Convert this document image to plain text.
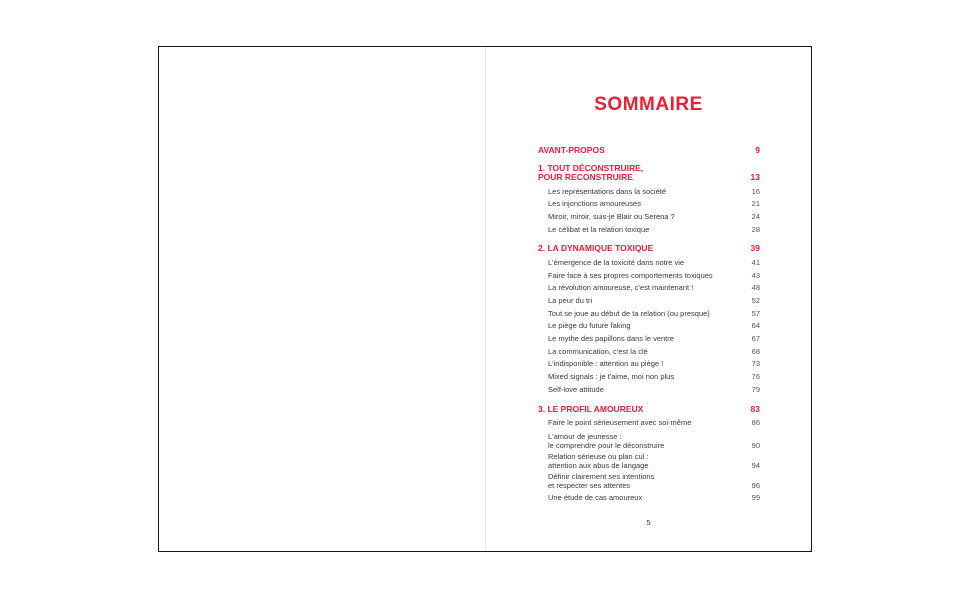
SOMMAIRE
AVANT-PROPOS	9
1. TOUT DÉCONSTRUIRE,
POUR RECONSTRUIRE	13
Les représentations dans la société	16
Les injonctions amoureuses	21
Miroir, miroir, suis-je Blair ou Serena ?	24
Le célibat et la relation toxique	28
2. LA DYNAMIQUE TOXIQUE	39
L'émergence de la toxicité dans notre vie	41
Faire face à ses propres comportements toxiques	43
La révolution amoureuse, c'est maintenant !	48
La peur du tri	52
Tout se joue au début de ta relation (ou presque)	57
Le piège du future faking	64
Le mythe des papillons dans le ventre	67
La communication, c'est la clé	68
L'indisponible : attention au piège !	73
Mixed signals : je t'aime, moi non plus	76
Self-love attitude	79
3. LE PROFIL AMOUREUX	83
Faire le point sérieusement avec soi-même	86
L'amour de jeunesse :
le comprendre pour le déconstruire	90
Relation sérieuse ou plan cul :
attention aux abus de langage	94
Définir clairement ses intentions
et respecter ses attentes	96
Une étude de cas amoureux	99
5
